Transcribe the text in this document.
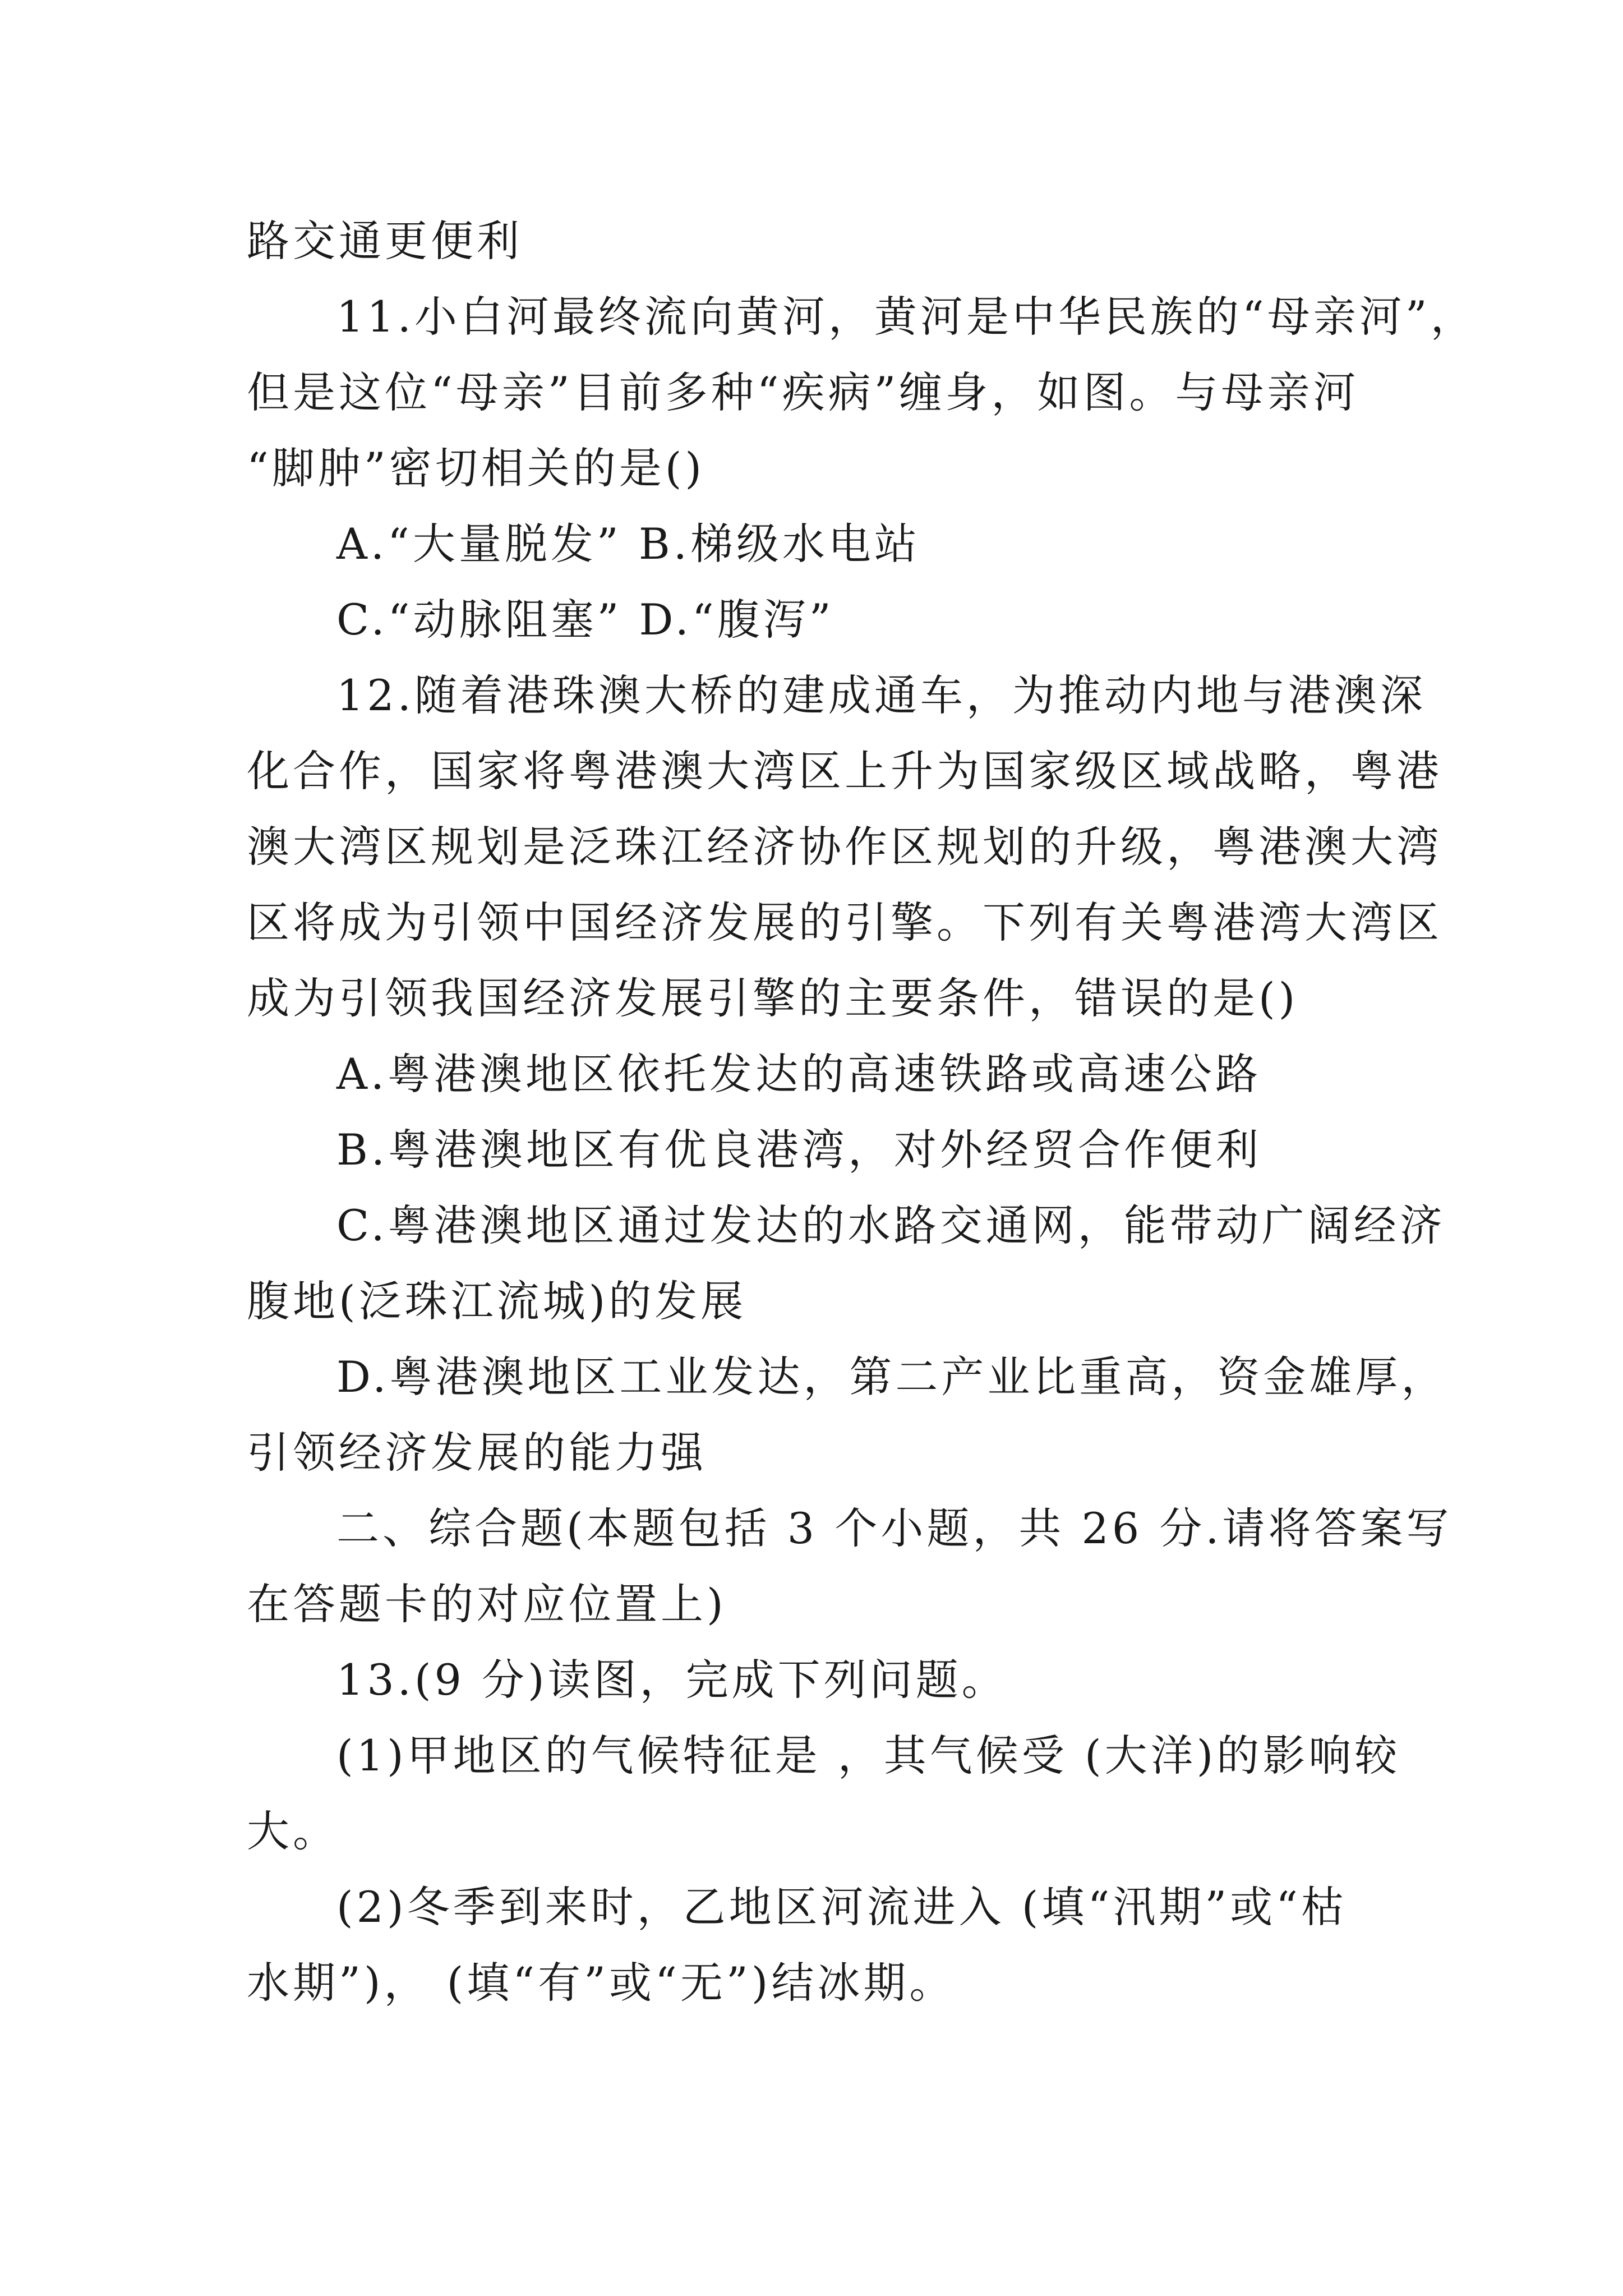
路交通更便利
11.小白河最终流向黄河，黄河是中华民族的“母亲河”，
但是这位“母亲”目前多种“疾病”缠身，如图。与母亲河
“脚肿”密切相关的是()
A.“大量脱发” B.梯级水电站
C.“动脉阻塞” D.“腹泻”
12.随着港珠澳大桥的建成通车，为推动内地与港澳深
化合作，国家将粤港澳大湾区上升为国家级区域战略，粤港
澳大湾区规划是泛珠江经济协作区规划的升级，粤港澳大湾
区将成为引领中国经济发展的引擎。下列有关粤港湾大湾区
成为引领我国经济发展引擎的主要条件，错误的是()
A.粤港澳地区依托发达的高速铁路或高速公路
B.粤港澳地区有优良港湾，对外经贸合作便利
C.粤港澳地区通过发达的水路交通网，能带动广阔经济
腹地(泛珠江流城)的发展
D.粤港澳地区工业发达，第二产业比重高，资金雄厚，
引领经济发展的能力强
二、综合题(本题包括 3 个小题，共 26 分.请将答案写
在答题卡的对应位置上)
13.(9 分)读图，完成下列问题。
(1)甲地区的气候特征是 ，其气候受 (大洋)的影响较
大。
(2)冬季到来时，乙地区河流进入 (填“汛期”或“枯
水期”)， (填“有”或“无”)结冰期。
